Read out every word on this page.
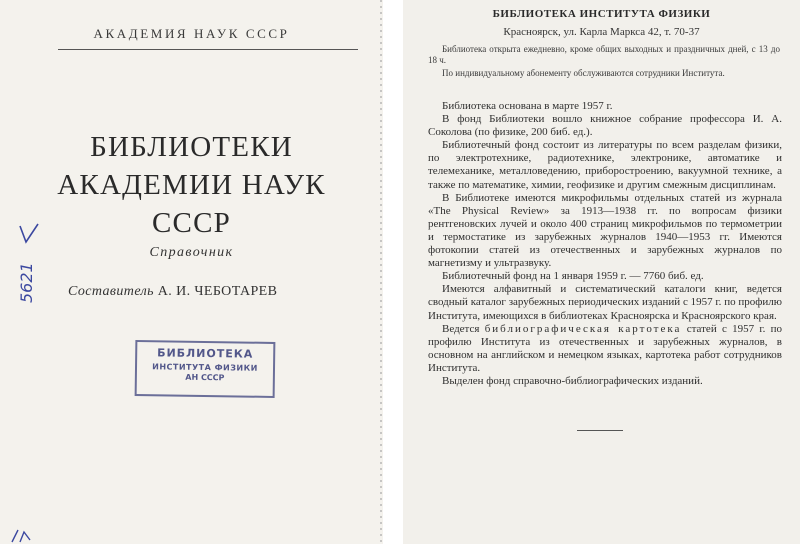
АКАДЕМИЯ НАУК СССР
БИБЛИОТЕКИ
АКАДЕМИИ НАУК
СССР
Справочник
Составитель А. И. ЧЕБОТАРЕВ
БИБЛИОТЕКА
ИНСТИТУТА ФИЗИКИ
АН СССР
5621
БИБЛИОТЕКА ИНСТИТУТА ФИЗИКИ
Красноярск, ул. Карла Маркса 42, т. 70-37
Библиотека открыта ежедневно, кроме общих выходных и праздничных дней, с 13 до 18 ч.
По индивидуальному абонементу обслуживаются сотрудники Института.

Библиотека основана в марте 1957 г.

В фонд Библиотеки вошло книжное собрание профессора И. А. Соколова (по физике, 200 биб. ед.).

Библиотечный фонд состоит из литературы по всем разделам физики, по электротехнике, радиотехнике, электронике, автоматике и телемеханике, металловедению, приборостроению, вакуумной технике, а также по математике, химии, геофизике и другим смежным дисциплинам.

В Библиотеке имеются микрофильмы отдельных статей из журнала «The Physical Review» за 1913—1938 гг. по вопросам физики рентгеновских лучей и около 400 страниц микрофильмов по термометрии и термостатике из зарубежных журналов 1940—1953 гг. Имеются фотокопии статей из отечественных и зарубежных журналов по магнетизму и ультразвуку.

Библиотечный фонд на 1 января 1959 г. — 7760 биб. ед.

Имеются алфавитный и систематический каталоги книг, ведется сводный каталог зарубежных периодических изданий с 1957 г. по профилю Института, имеющихся в библиотеках Красноярска и Красноярского края.

Ведется библиографическая картотека статей с 1957 г. по профилю Института из отечественных и зарубежных журналов, в основном на английском и немецком языках, картотека работ сотрудников Института.

Выделен фонд справочно-библиографических изданий.
